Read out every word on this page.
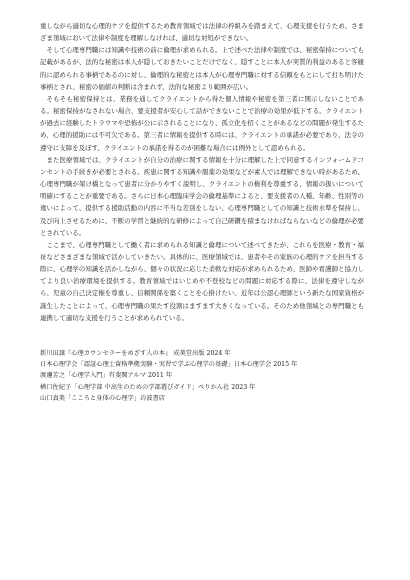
重しながら適切な心理的ケアを提供するため教育領域では法律の枠組みを踏まえて、心理支援を行うため、さまざま領域において法律や制度を理解しなければ、適切な対処ができない。

そして心理専門職には知識や技術の前に倫理が求められる。上で述べた法律や制度では、秘密保持についても記載があるが、法的な秘密は本人が隠しておきたいことだけでなく、隠すことに本人が実質的利益のあると客観的に認められる事柄であるのに対し、倫理的な秘密とは本人が心理専門職に対する信頼をもとにして打ち明けた事柄とされ、秘密の価値の判断は含まれず、法的な秘密より範囲が広い。

そもそも秘密保持とは、業務を通してクライエントから得た個人情報や秘密を第三者に開示しないことである。秘密保持がなされない場合、要支援者が安心して話ができないことで治療の効果が低下する。クライエントが過去に経験したトラウマや恐怖が公に示されることになり、孤立化を招くことがあるなどの問題が発生するため、心理的援助には不可欠である。第三者に情報を提供する時には、クライエントの承諾が必要であり、法令の遵守に支障を及ぼす、クライエントの承諾を得るのが困難な場合には例外として認められる。

また医療領域では、クライエントが自分の治療に関する情報を十分に理解した上で同意するインフォームドコンセントの手続きが必要とされる。疾患に関する知識や服薬の効果などが素人では理解できない時があるため、心理専門職が架け橋となって患者に分かりやすく説明し、クライエントの権利を尊重する、情報の扱いについて明確にすることが重要である。さらに日本心理臨床学会の倫理基準によると、要支援者の人種、年齢、性別等の違いによって、提供する援助活動の内容に不当な差別をしない、心理専門職としての知識と技術水準を保持し、及び向上させるために、不断の学習と継続的な研修によって自己研鑽を積まなければならないなどの倫理が必要とされている。

ここまで、心理専門職として働く者に求められる知識と倫理について述べてきたが、これらを医療・教育・福祉などさまざまな領域で活かしていきたい。具体的に、医療領域では、患者やその家族の心理的ケアを担当する際に、心理学の知識を活かしながら、個々の状況に応じた柔軟な対応が求められるため、医師や看護師と協力してより良い治療環境を提供する。教育領域ではいじめや不登校などの問題に対応する際に、法律を遵守しながら、児童の自己決定権を尊重し、信頼関係を築くことを心掛けたい。近年は公認心理師という新たな国家資格が誕生したことによって、心理専門職の果たす役割はますます大きくなっている。そのため他領域との専門職とも連携して適切な支援を行うことが求められている。

新川田譲『心理カウンセラーをめざす人の本』 成美堂出版 2024 年

日本心理学会「認証心理士資格準拠実験・実習で学ぶ心理学の基礎」日本心理学会 2015 年

渡邊芳之「心理学入門」有斐閣アルマ 2011 年

横口佐紀子「心理学部 中高生のための学部選びガイド」ぺりかん社 2023 年

山口真美「こころと身体の心理学」岩波書店
